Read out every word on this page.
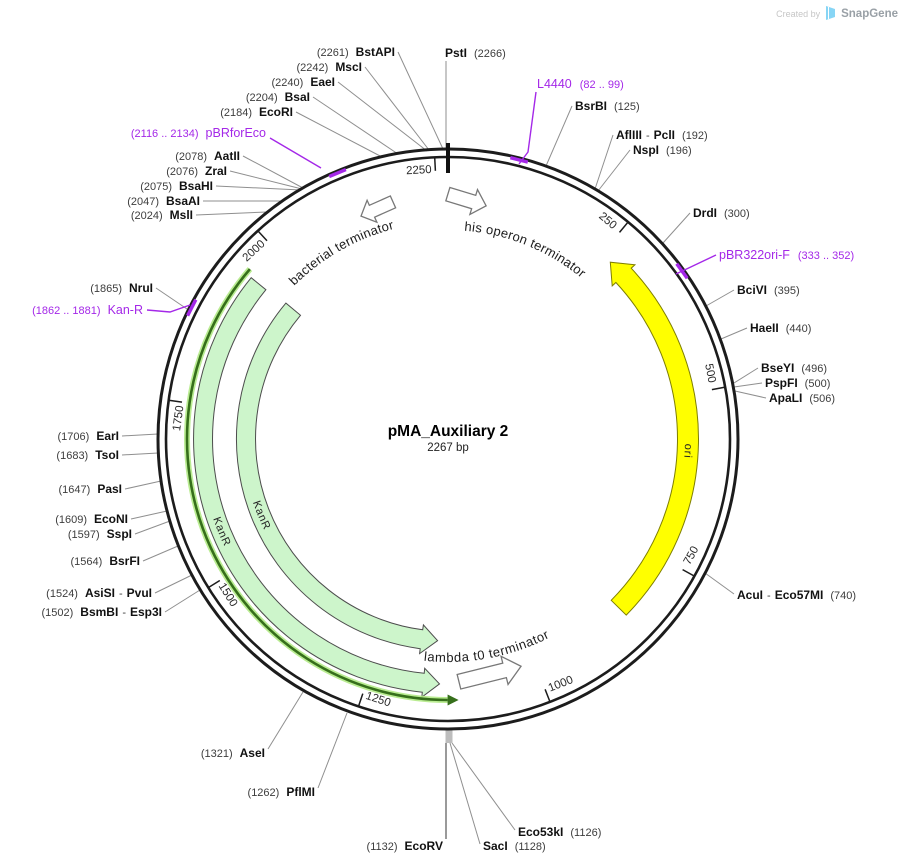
250
500
750
1000
1250
1500
1750
2000
2250
ori
KanR
KanR
his operon terminator
bacterial terminator
lambda t0 terminator
L4440 (82 .. 99)
pBR322ori-F (333 .. 352)
(2116 .. 2134) pBRforEco
(1862 .. 1881) Kan-R
(2261) BstAPI
(2242) MscI
(2240) EaeI
(2204) BsaI
(2184) EcoRI
(2078) AatII
(2076) ZraI
(2075) BsaHI
(2047) BsaAI
(2024) MslI
(1865) NruI
(1706) EarI
(1683) TsoI
(1647) PasI
(1609) EcoNI
(1597) SspI
(1564) BsrFI
(1524) AsiSI - PvuI
(1502) BsmBI - Esp3I
(1321) AseI
(1262) PflMI
(1132) EcoRV
PstI (2266)
BsrBI (125)
AflIII - PclI (192)
NspI (196)
DrdI (300)
BciVI (395)
HaeII (440)
BseYI (496)
PspFI (500)
ApaLI (506)
AcuI - Eco57MI (740)
Eco53kI (1126)
SacI (1128)
pMA_Auxiliary 2
2267 bp
Created by SnapGene
